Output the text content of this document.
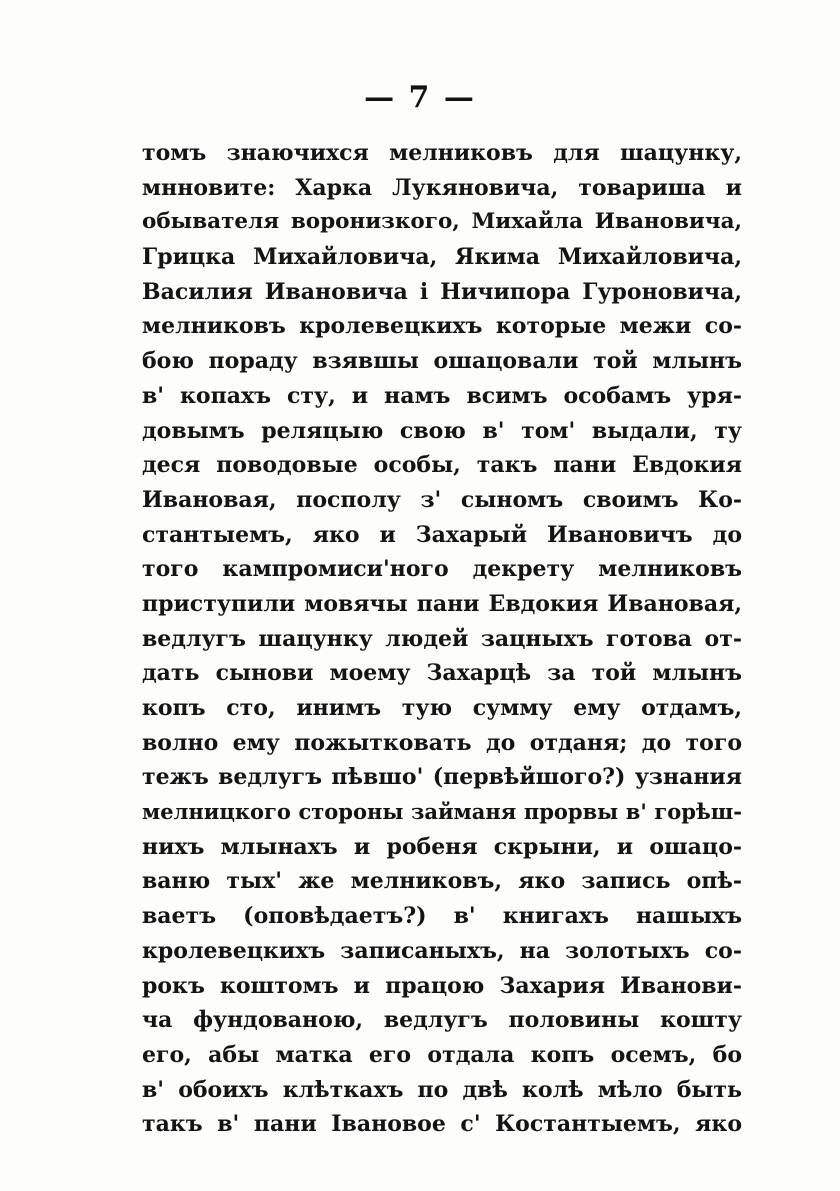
— 7 —
томъ знаючихся мелниковъ для шацунку,
мнновите: Харка Лукяновича, товариша и
обывателя воронизкого, Михайла Ивановича,
Грицка Михайловича, Якима Михайловича,
Василия Ивановича і Ничипора Гуроновича,
мелниковъ кролевецкихъ которые межи со-
бою пораду взявшы ошацовали той млынъ
в' копахъ сту, и намъ всимъ особамъ уря-
довымъ реляцыю свою в' том' выдали, ту
деся поводовые особы, такъ пани Евдокия
Ивановая, посполу з' сыномъ своимъ Ко-
стантыемъ, яко и Захарый Ивановичъ до
того кампромиси'ного декрету мелниковъ
приступили мовячы пани Евдокия Ивановая,
ведлугъ шацунку людей зацныхъ готова от-
дать сынови моему Захарцѣ за той млынъ
копъ сто, инимъ тую сумму ему отдамъ,
волно ему пожытковать до отданя; до того
тежъ ведлугъ пѣвшо' (первѣйшого?) узнания
мелницкого стороны займаня прорвы в' горѣш-
нихъ млынахъ и робеня скрыни, и ошацо-
ваню тых' же мелниковъ, яко запись опѣ-
ваетъ (оповѣдаетъ?) в' книгахъ нашыхъ
кролевецкихъ записаныхъ, на золотыхъ со-
рокъ коштомъ и працою Захария Иванови-
ча фундованою, ведлугъ половины кошту
его, абы матка его отдала копъ осемъ, бо
в' обоихъ клѣткахъ по двѣ колѣ мѣло быть
такъ в' пани Івановое с' Костантыемъ, яко
